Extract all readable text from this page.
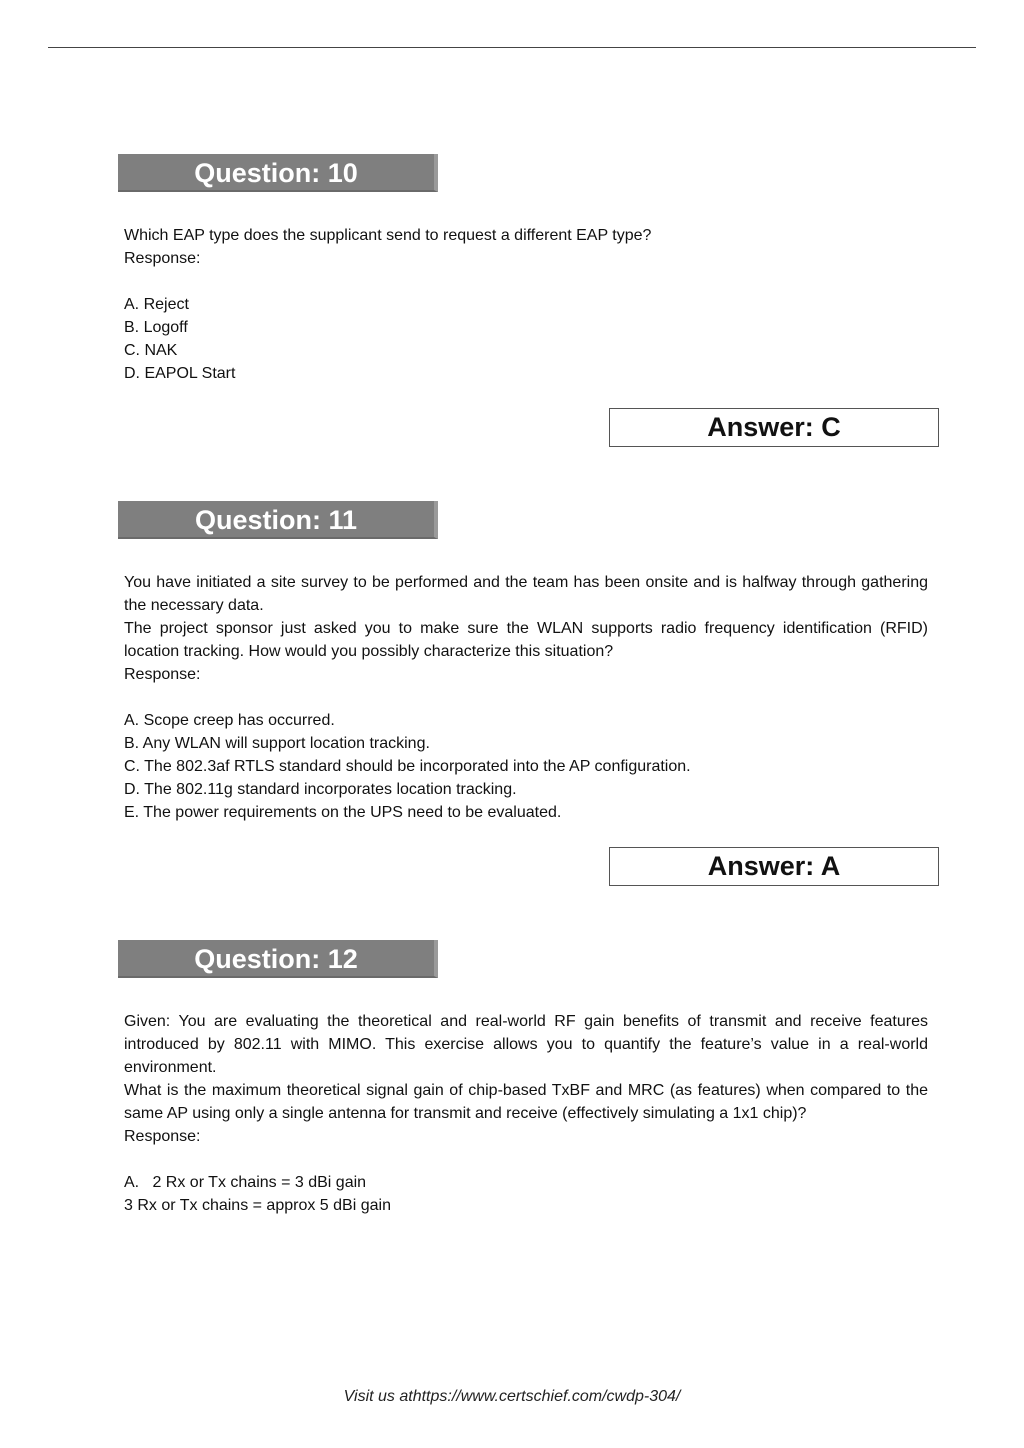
Question: 10

Which EAP type does the supplicant send to request a different EAP type?

Response:

A. Reject

B. Logoff

C. NAK

D. EAPOL Start

Answer: C
Question: 11

You have initiated a site survey to be performed and the team has been onsite and is halfway through gathering the necessary data.

The project sponsor just asked you to make sure the WLAN supports radio frequency identification (RFID) location tracking. How would you possibly characterize this situation?

Response:

A. Scope creep has occurred.

B. Any WLAN will support location tracking.

C. The 802.3af RTLS standard should be incorporated into the AP configuration.

D. The 802.11g standard incorporates location tracking.

E. The power requirements on the UPS need to be evaluated.

Answer: A
Question: 12

Given: You are evaluating the theoretical and real-world RF gain benefits of transmit and receive features introduced by 802.11 with MIMO. This exercise allows you to quantify the feature’s value in a real-world environment.

What is the maximum theoretical signal gain of chip-based TxBF and MRC (as features) when compared to the same AP using only a single antenna for transmit and receive (effectively simulating a 1x1 chip)?

Response:

A.   2 Rx or Tx chains = 3 dBi gain

3 Rx or Tx chains = approx 5 dBi gain

Visit us athttps://www.certschief.com/cwdp-304/
